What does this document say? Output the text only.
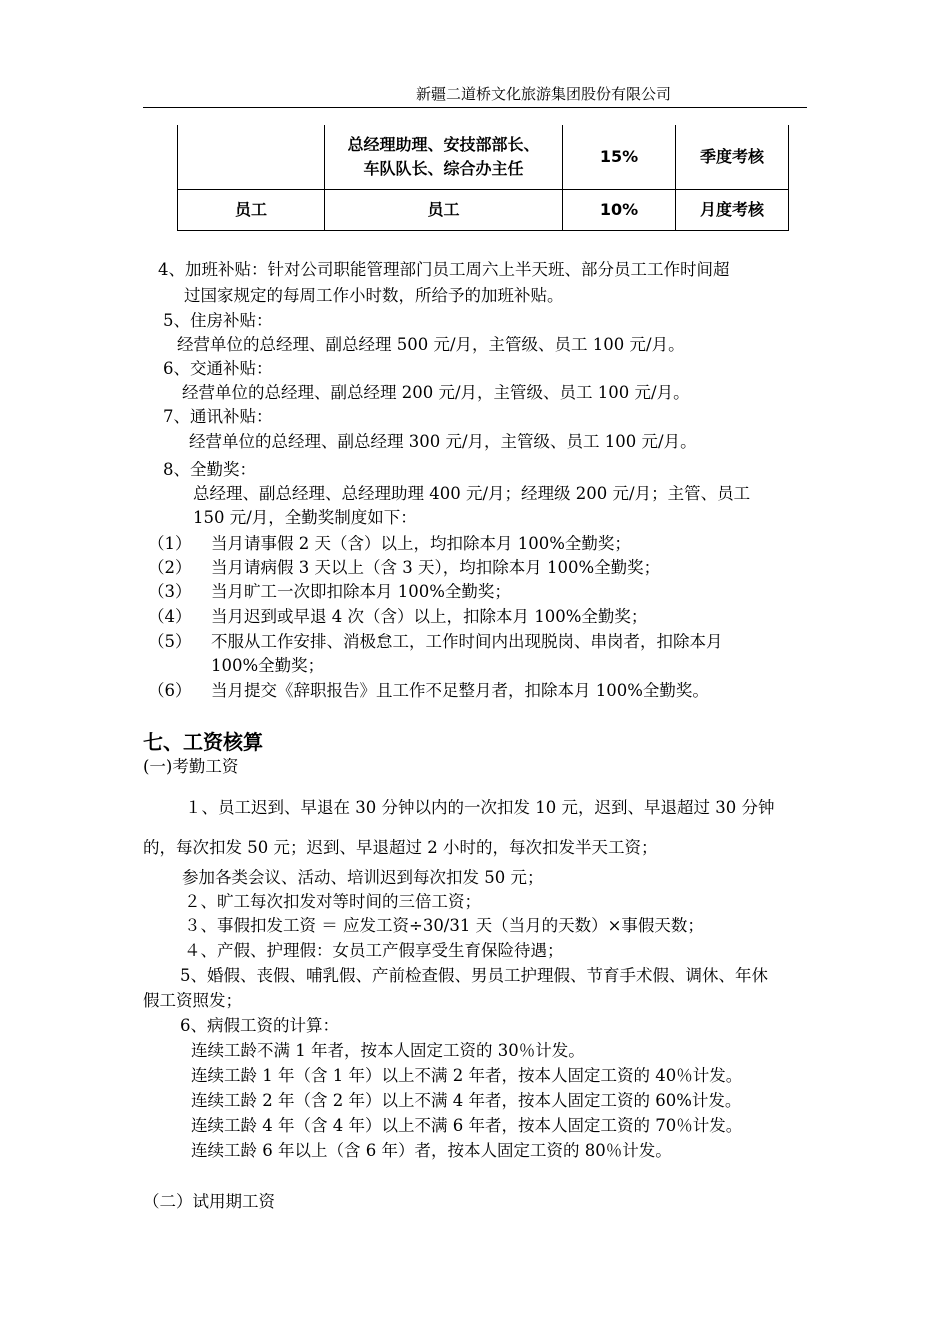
新疆二道桥文化旅游集团股份有限公司
	总经理助理、安技部部长、
车队队长、综合办主任	15%	季度考核
员工	员工	10%	月度考核
4、加班补贴：针对公司职能管理部门员工周六上半天班、部分员工工作时间超
过国家规定的每周工作小时数，所给予的加班补贴。
5、住房补贴：
经营单位的总经理、副总经理 500 元/月，主管级、员工 100 元/月。
6、交通补贴：
经营单位的总经理、副总经理 200 元/月，主管级、员工 100 元/月。
7、通讯补贴：
经营单位的总经理、副总经理 300 元/月，主管级、员工 100 元/月。
8、全勤奖：
总经理、副总经理、总经理助理 400 元/月；经理级 200 元/月；主管、员工
150 元/月，全勤奖制度如下：
（1） 当月请事假 2 天（含）以上，均扣除本月 100%全勤奖；
（2） 当月请病假 3 天以上（含 3 天），均扣除本月 100%全勤奖；
（3） 当月旷工一次即扣除本月 100%全勤奖；
（4） 当月迟到或早退 4 次（含）以上，扣除本月 100%全勤奖；
（5） 不服从工作安排、消极怠工，工作时间内出现脱岗、串岗者，扣除本月
100%全勤奖；
（6） 当月提交《辞职报告》且工作不足整月者，扣除本月 100%全勤奖。
七、工资核算
(一)考勤工资
１、员工迟到、早退在 30 分钟以内的一次扣发 10 元，迟到、早退超过 30 分钟
的，每次扣发 50 元；迟到、早退超过 2 小时的，每次扣发半天工资；
参加各类会议、活动、培训迟到每次扣发 50 元；
２、旷工每次扣发对等时间的三倍工资；
３、事假扣发工资 ＝ 应发工资÷30/31 天（当月的天数）×事假天数；
４、产假、护理假：女员工产假享受生育保险待遇；
5、婚假、丧假、哺乳假、产前检查假、男员工护理假、节育手术假、调休、年休
假工资照发；
6、病假工资的计算：
连续工龄不满 1 年者，按本人固定工资的 30％计发。
连续工龄 1 年（含 1 年）以上不满 2 年者，按本人固定工资的 40％计发。
连续工龄 2 年（含 2 年）以上不满 4 年者，按本人固定工资的 60%计发。
连续工龄 4 年（含 4 年）以上不满 6 年者，按本人固定工资的 70％计发。
连续工龄 6 年以上（含 6 年）者，按本人固定工资的 80％计发。
（二）试用期工资
